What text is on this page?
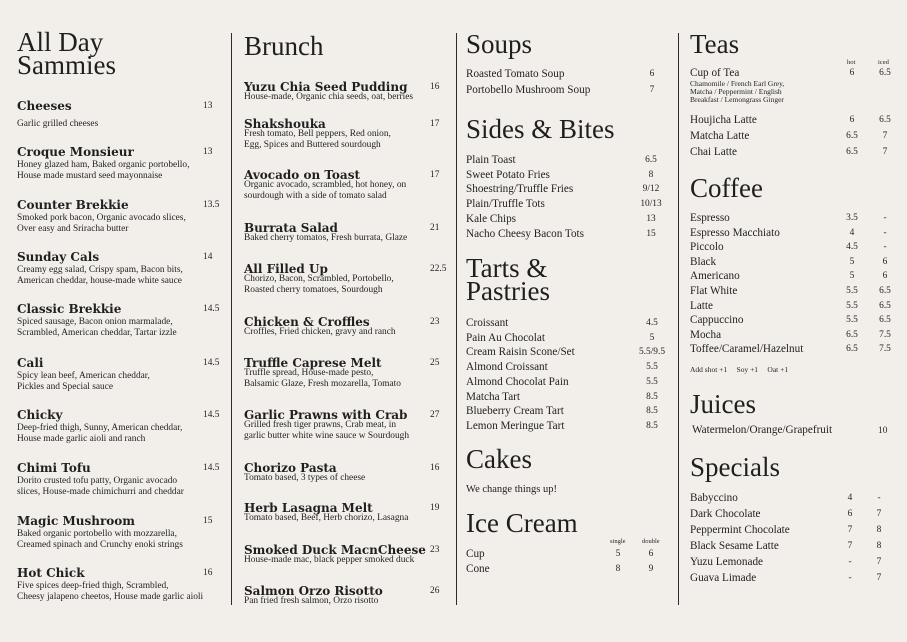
All Day
Sammies
Cheeses	13
Garlic grilled cheeses
Croque Monsieur	13
Honey glazed ham, Baked organic portobello,
House made mustard seed mayonnaise
Counter Brekkie	13.5
Smoked pork bacon, Organic avocado slices,
Over easy and Sriracha butter
Sunday Cals	14
Creamy egg salad, Crispy spam, Bacon bits,
American cheddar, house-made white sauce
Classic Brekkie	14.5
Spiced sausage, Bacon onion marmalade,
Scrambled, American cheddar, Tartar izzle
Cali	14.5
Spicy lean beef, American cheddar,
Pickles and Special sauce
Chicky	14.5
Deep-fried thigh, Sunny, American cheddar,
House made garlic aioli and ranch
Chimi Tofu	14.5
Dorito crusted tofu patty, Organic avocado
slices, House-made chimichurri and cheddar
Magic Mushroom	15
Baked organic portobello with mozzarella,
Creamed spinach and Crunchy enoki strings
Hot Chick	16
Five spices deep-fried thigh, Scrambled,
Cheesy jalapeno cheetos, House made garlic aioli
Brunch
Yuzu Chia Seed Pudding 16
House-made, Organic chia seeds, oat, berries
Shakshouka	17
Fresh tomato, Bell peppers, Red onion,
Egg, Spices and Buttered sourdough
Avocado on Toast	17
Organic avocado, scrambled, hot honey, on
sourdough with a side of tomato salad
Burrata Salad	21
Baked cherry tomatos, Fresh burrata, Glaze
All Filled Up	22.5
Chorizo, Bacon, Scrambled, Portobello,
Roasted cherry tomatoes, Sourdough
Chicken & Croffles	23
Croffles, Fried chicken, gravy and ranch
Truffle Caprese Melt	25
Truffle spread, House-made pesto,
Balsamic Glaze, Fresh mozarella, Tomato
Garlic Prawns with Crab 27
Grilled fresh tiger prawns, Crab meat, in
garlic butter white wine sauce w Sourdough
Chorizo Pasta	16
Tomato based, 3 types of cheese
Herb Lasagna Melt	19
Tomato based, Beef, Herb chorizo, Lasagna
Smoked Duck MacnCheese 23
House-made mac, black pepper smoked duck
Salmon Orzo Risotto	26
Pan fried fresh salmon, Orzo risotto
Soups
Roasted Tomato Soup	6
Portobello Mushroom Soup	7
Sides & Bites
Plain Toast	6.5
Sweet Potato Fries	8
Shoestring/Truffle Fries	9/12
Plain/Truffle Tots	10/13
Kale Chips	13
Nacho Cheesy Bacon Tots	15
Tarts &
Pastries
Croissant	4.5
Pain Au Chocolat	5
Cream Raisin Scone/Set	5.5/9.5
Almond Croissant	5.5
Almond Chocolat Pain	5.5
Matcha Tart	8.5
Blueberry Cream Tart	8.5
Lemon Meringue Tart	8.5
Cakes
We change things up!
Ice Cream
single	double
Cup	5	6
Cone	8	9
Teas
hot	iced
Cup of Tea	6	6.5
Chamomile / French Earl Grey,
Matcha / Peppermint / English
Breakfast / Lemongrass Ginger
Houjicha Latte	6	6.5
Matcha Latte	6.5	7
Chai Latte	6.5	7
Coffee
Espresso	3.5	-
Espresso Macchiato	4	-
Piccolo	4.5	-
Black	5	6
Americano	5	6
Flat White	5.5	6.5
Latte	5.5	6.5
Cappuccino	5.5	6.5
Mocha	6.5	7.5
Toffee/Caramel/Hazelnut	6.5	7.5
Add shot +1     Soy +1     Oat +1
Juices
Watermelon/Orange/Grapefruit	10
Specials
Babyccino	4	-
Dark Chocolate	6	7
Peppermint Chocolate	7	8
Black Sesame Latte	7	8
Yuzu Lemonade	-	7
Guava Limade	-	7
